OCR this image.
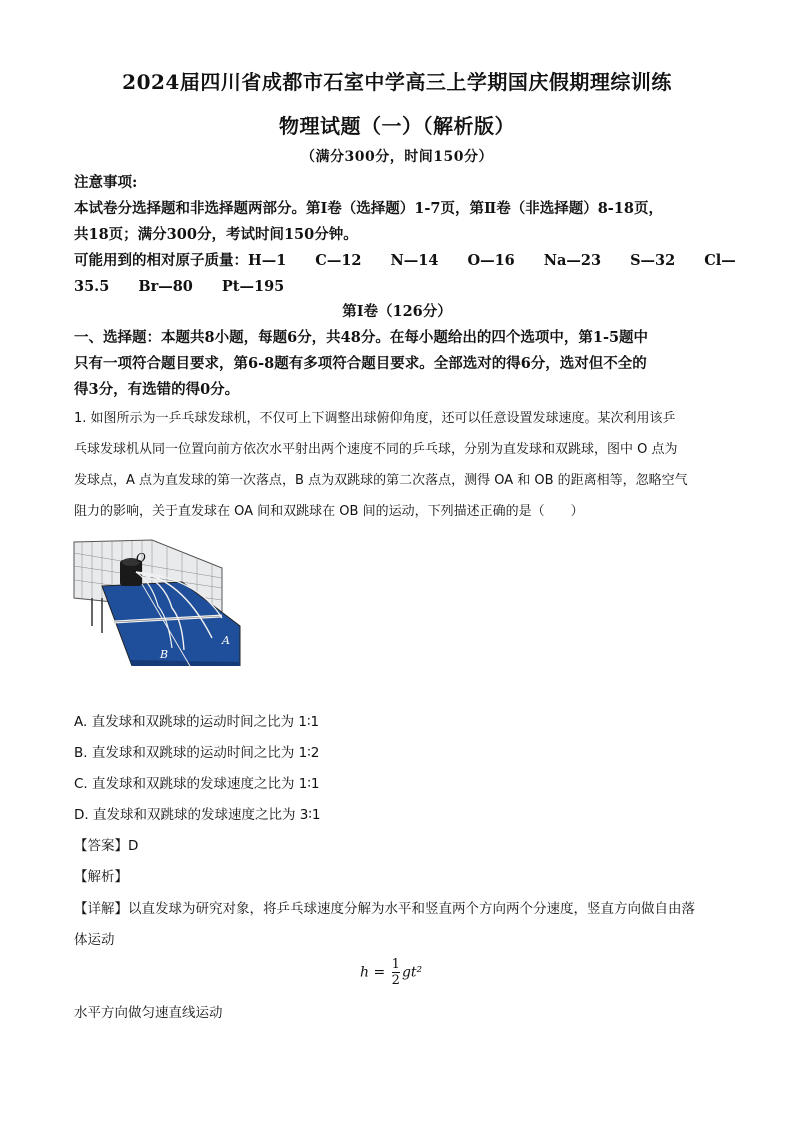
2024届四川省成都市石室中学高三上学期国庆假期理综训练
物理试题（一）（解析版）
（满分300分，时间150分）
注意事项:
本试卷分选择题和非选择题两部分。第Ⅰ卷（选择题）1-7页，第Ⅱ卷（非选择题）8-18页，
共18页；满分300分，考试时间150分钟。
可能用到的相对原子质量：H—1　　C—12　　N—14　　O—16　　Na—23　　S—32　　Cl—
35.5　　Br—80　　Pt—195
第Ⅰ卷（126分）
一、选择题：本题共8小题，每题6分，共48分。在每小题给出的四个选项中，第1-5题中
只有一项符合题目要求，第6-8题有多项符合题目要求。全部选对的得6分，选对但不全的
得3分，有选错的得0分。
1. 如图所示为一乒乓球发球机，不仅可上下调整出球俯仰角度，还可以任意设置发球速度。某次利用该乒
乓球发球机从同一位置向前方依次水平射出两个速度不同的乒乓球，分别为直发球和双跳球，图中 O 点为
发球点，A 点为直发球的第一次落点，B 点为双跳球的第二次落点，测得 OA 和 OB 的距离相等，忽略空气
阻力的影响，关于直发球在 OA 间和双跳球在 OB 间的运动，下列描述正确的是（　　）
O
A
B
A. 直发球和双跳球的运动时间之比为 1∶1
B. 直发球和双跳球的运动时间之比为 1∶2
C. 直发球和双跳球的发球速度之比为 1∶1
D. 直发球和双跳球的发球速度之比为 3∶1
【答案】D
【解析】
【详解】以直发球为研究对象，将乒乓球速度分解为水平和竖直两个方向两个分速度，竖直方向做自由落
体运动
$h = \frac{1}{2} gt^2$
水平方向做匀速直线运动
